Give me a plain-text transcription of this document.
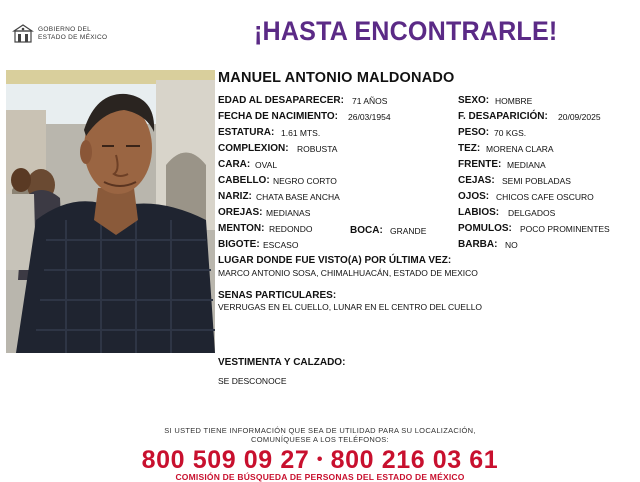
GOBIERNO DEL
ESTADO DE MÉXICO	¡HASTA ENCONTRARLE!
MANUEL ANTONIO MALDONADO
EDAD AL DESAPARECER: 71 AÑOS
FECHA DE NACIMIENTO: 26/03/1954
ESTATURA: 1.61 MTS.
COMPLEXION: ROBUSTA
CARA: OVAL
CABELLO: NEGRO CORTO
NARIZ: CHATA BASE ANCHA
OREJAS: MEDIANAS
MENTON: REDONDO	BOCA: GRANDE
BIGOTE: ESCASO
SEXO: HOMBRE
F. DESAPARICIÓN: 20/09/2025
PESO: 70 KGS.
TEZ: MORENA CLARA
FRENTE: MEDIANA
CEJAS: SEMI POBLADAS
OJOS: CHICOS CAFE OSCURO
LABIOS: DELGADOS
POMULOS: POCO PROMINENTES
BARBA: NO
LUGAR DONDE FUE VISTO(A) POR ÚLTIMA VEZ:
MARCO ANTONIO SOSA, CHIMALHUACÁN, ESTADO DE MEXICO
SENAS PARTICULARES:
VERRUGAS EN EL CUELLO, LUNAR EN EL CENTRO DEL CUELLO
VESTIMENTA Y CALZADO:
SE DESCONOCE
SI USTED TIENE INFORMACIÓN QUE SEA DE UTILIDAD PARA SU LOCALIZACIÓN,
COMUNÍQUESE A LOS TELÉFONOS:
800 509 09 27 • 800 216 03 61
COMISIÓN DE BÚSQUEDA DE PERSONAS DEL ESTADO DE MÉXICO
